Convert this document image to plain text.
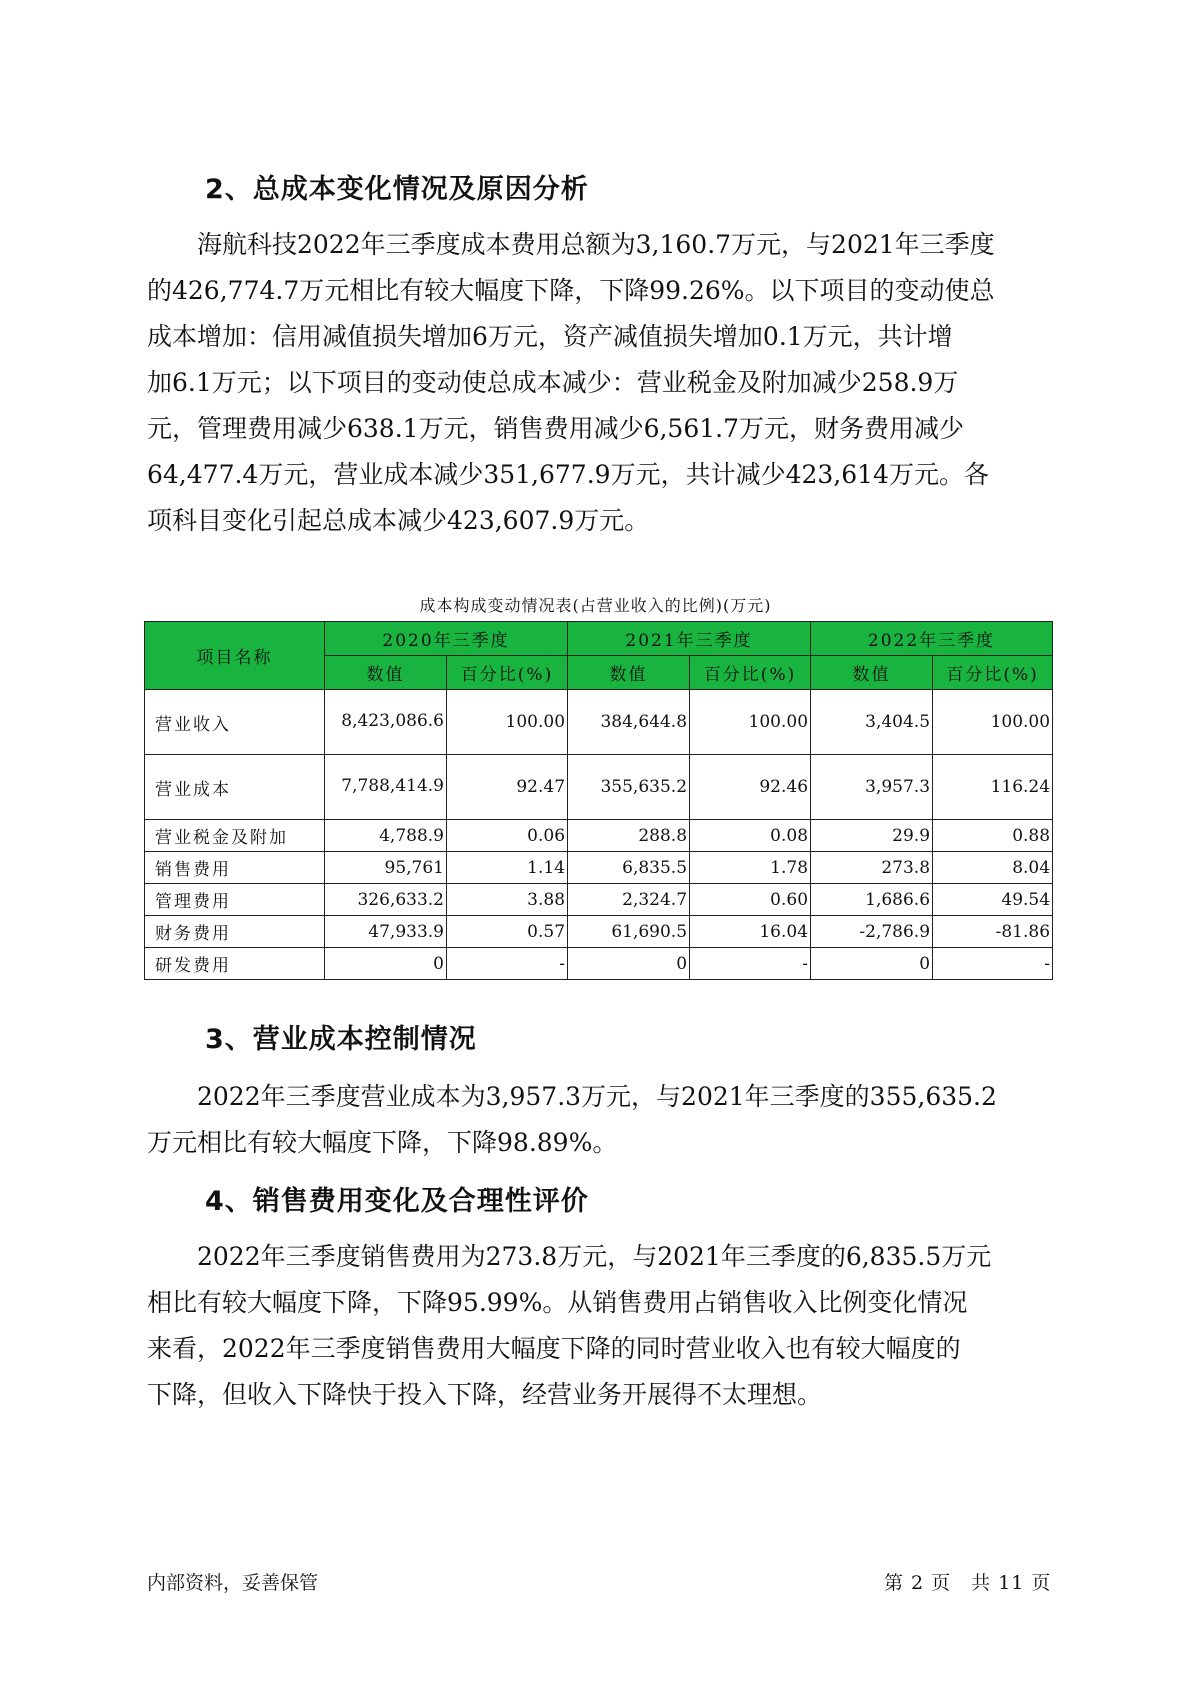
2、总成本变化情况及原因分析
　　海航科技2022年三季度成本费用总额为3,160.7万元，与2021年三季度
的426,774.7万元相比有较大幅度下降，下降99.26%。以下项目的变动使总
成本增加：信用减值损失增加6万元，资产减值损失增加0.1万元，共计增
加6.1万元；以下项目的变动使总成本减少：营业税金及附加减少258.9万
元，管理费用减少638.1万元，销售费用减少6,561.7万元，财务费用减少
64,477.4万元，营业成本减少351,677.9万元，共计减少423,614万元。各
项科目变化引起总成本减少423,607.9万元。
成本构成变动情况表(占营业收入的比例)(万元)
项目名称	2020年三季度		2021年三季度		2022年三季度	
	数值	百分比(%)	数值	百分比(%)	数值	百分比(%)
营业收入	8,423,086.6	100.00	384,644.8	100.00	3,404.5	100.00
营业成本	7,788,414.9	92.47	355,635.2	92.46	3,957.3	116.24
营业税金及附加	4,788.9	0.06	288.8	0.08	29.9	0.88
销售费用	95,761	1.14	6,835.5	1.78	273.8	8.04
管理费用	326,633.2	3.88	2,324.7	0.60	1,686.6	49.54
财务费用	47,933.9	0.57	61,690.5	16.04	-2,786.9	-81.86
研发费用	0	-	0	-	0	-
3、营业成本控制情况
　　2022年三季度营业成本为3,957.3万元，与2021年三季度的355,635.2
万元相比有较大幅度下降，下降98.89%。
4、销售费用变化及合理性评价
　　2022年三季度销售费用为273.8万元，与2021年三季度的6,835.5万元
相比有较大幅度下降，下降95.99%。从销售费用占销售收入比例变化情况
来看，2022年三季度销售费用大幅度下降的同时营业收入也有较大幅度的
下降，但收入下降快于投入下降，经营业务开展得不太理想。
内部资料，妥善保管	第 2 页　共 11 页
